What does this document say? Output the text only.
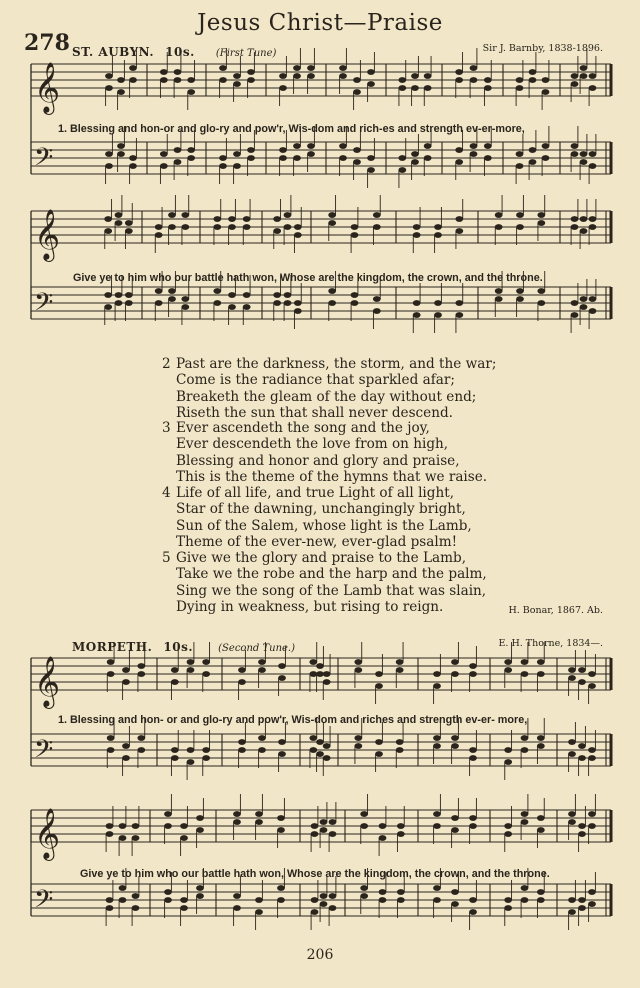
Jesus Christ—Praise
278 ST. AUBYN. 10s. (First Tune)	Sir J. Barnby, 1838-1896.
𝄞
𝄢
𝄞
𝄢
𝄞
𝄢
𝄞
𝄢
1. Blessing and hon-or and glo-ry and pow'r, Wis-dom and rich-es and strength ev-er-more,
Give ye to him who our battle hath won, Whose are the kingdom, the crown, and the throne.
2 Past are the darkness, the storm, and the war;
Come is the radiance that sparkled afar;
Breaketh the gleam of the day without end;
Riseth the sun that shall never descend.
3 Ever ascendeth the song and the joy,
Ever descendeth the love from on high,
Blessing and honor and glory and praise,
This is the theme of the hymns that we raise.
4 Life of all life, and true Light of all light,
Star of the dawning, unchangingly bright,
Sun of the Salem, whose light is the Lamb,
Theme of the ever-new, ever-glad psalm!
5 Give we the glory and praise to the Lamb,
Take we the robe and the harp and the palm,
Sing we the song of the Lamb that was slain,
Dying in weakness, but rising to reign.	H. Bonar, 1867. Ab.
MORPETH. 10s.	(Second Tune.)	E. H. Thorne, 1834—.
1. Blessing and hon- or and glo-ry and pow'r, Wis-dom and riches and strength ev-er- more,
Give ye to him who our battle hath won, Whose are the kingdom, the crown, and the throne.
206
